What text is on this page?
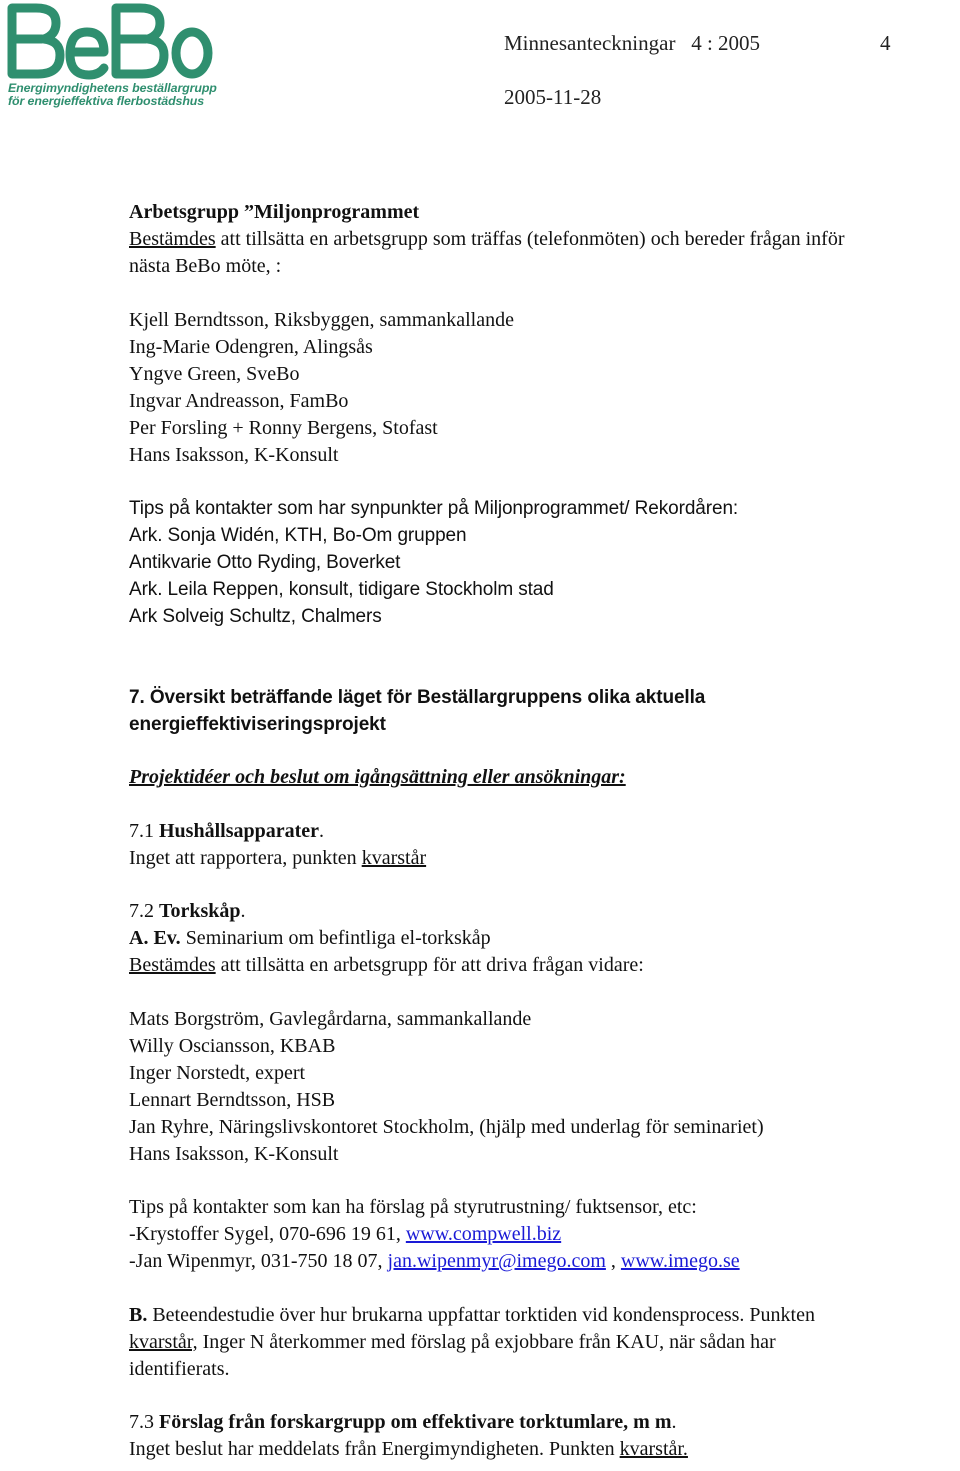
Energimyndighetens beställargrupp
för energieffektiva flerbostädshus
Minnesanteckningar   4 : 2005	4
2005-11-28
Arbetsgrupp ”Miljonprogrammet
Bestämdes att tillsätta en arbetsgrupp som träffas (telefonmöten) och bereder frågan inför
nästa BeBo möte, :
Kjell Berndtsson, Riksbyggen, sammankallande
Ing-Marie Odengren, Alingsås
Yngve Green, SveBo
Ingvar Andreasson, FamBo
Per Forsling + Ronny Bergens, Stofast
Hans Isaksson, K-Konsult
Tips på kontakter som har synpunkter på Miljonprogrammet/ Rekordåren:
Ark. Sonja Widén, KTH, Bo-Om gruppen
Antikvarie Otto Ryding, Boverket
Ark. Leila Reppen, konsult, tidigare Stockholm stad
Ark Solveig Schultz, Chalmers
7. Översikt beträffande läget för Beställargruppens olika aktuella
energieffektiviseringsprojekt
Projektidéer och beslut om igångsättning eller ansökningar:
7.1 Hushållsapparater.
Inget att rapportera, punkten kvarstår
7.2 Torkskåp.
A. Ev. Seminarium om befintliga el-torkskåp
Bestämdes att tillsätta en arbetsgrupp för att driva frågan vidare:
Mats Borgström, Gavlegårdarna, sammankallande
Willy Osciansson, KBAB
Inger Norstedt, expert
Lennart Berndtsson, HSB
Jan Ryhre, Näringslivskontoret Stockholm, (hjälp med underlag för seminariet)
Hans Isaksson, K-Konsult
Tips på kontakter som kan ha förslag på styrutrustning/ fuktsensor, etc:
-Krystoffer Sygel, 070-696 19 61, www.compwell.biz
-Jan Wipenmyr, 031-750 18 07, jan.wipenmyr@imego.com , www.imego.se
B. Beteendestudie över hur brukarna uppfattar torktiden vid kondensprocess. Punkten
kvarstår, Inger N återkommer med förslag på exjobbare från KAU, när sådan har
identifierats.
7.3 Förslag från forskargrupp om effektivare torktumlare, m m.
Inget beslut har meddelats från Energimyndigheten. Punkten kvarstår.
